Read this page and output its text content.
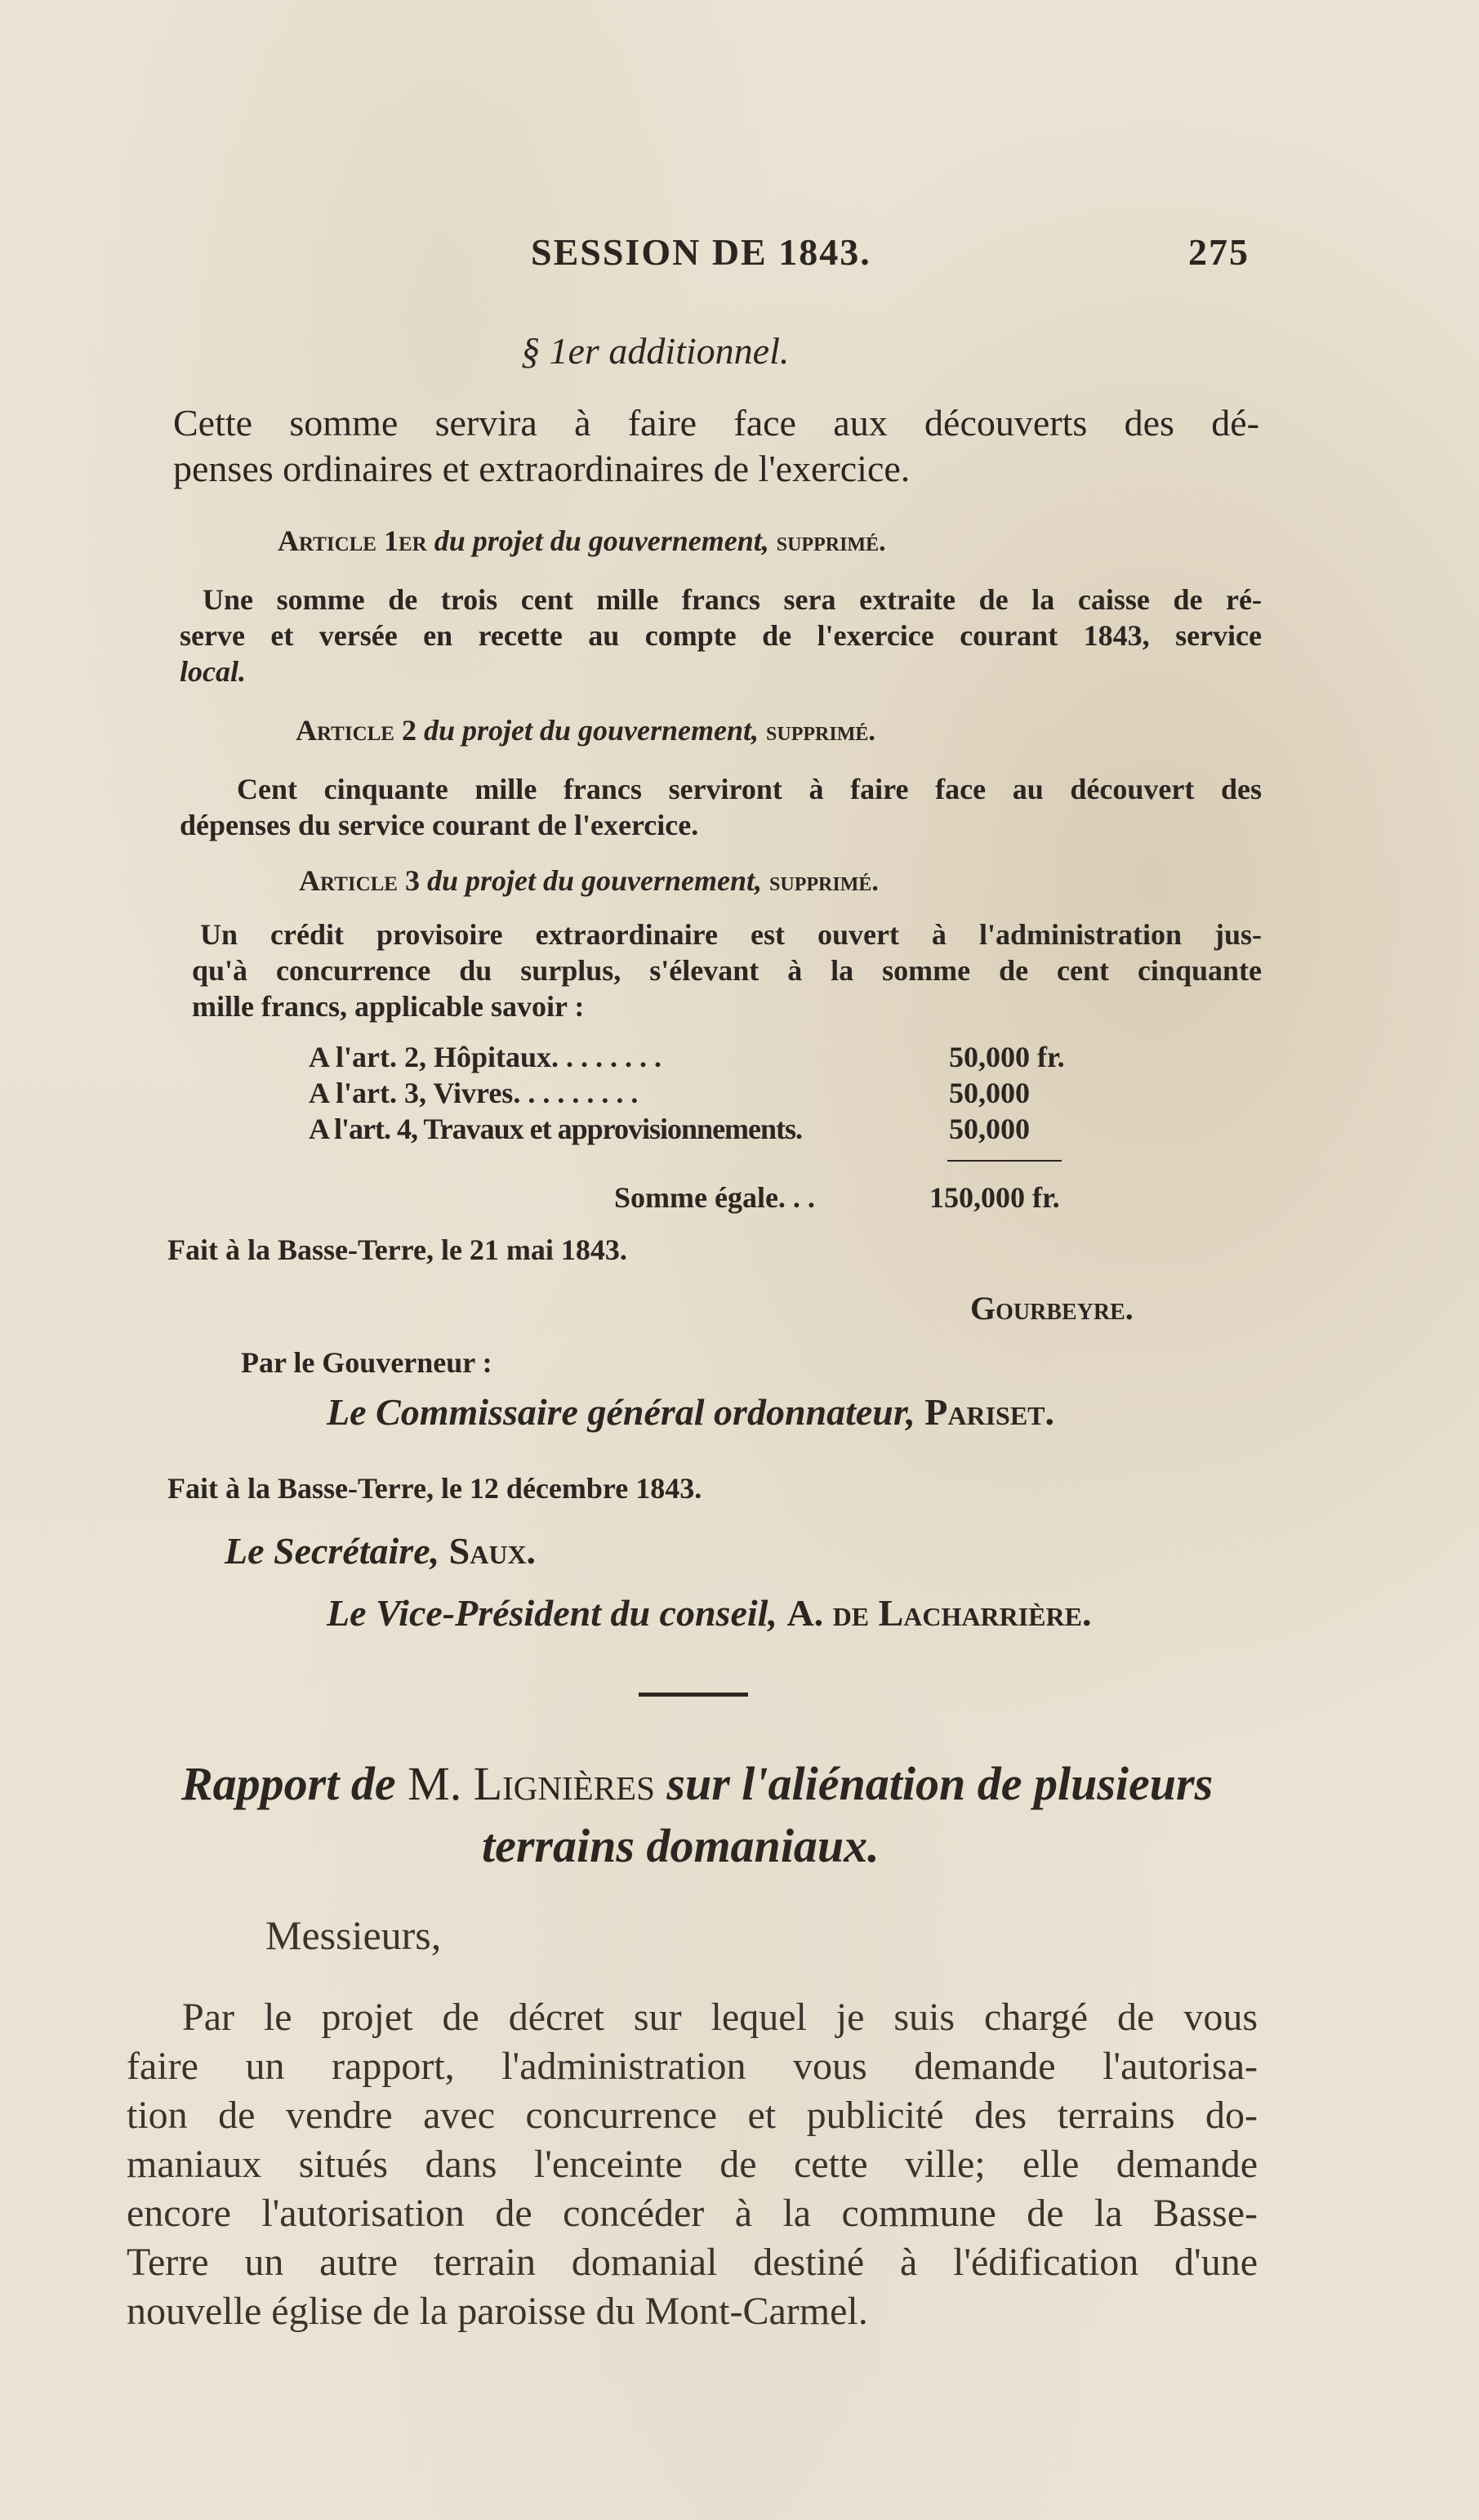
SESSION DE 1843.	275
§ 1er additionnel.
Cette somme servira à faire face aux découverts des dé-
penses ordinaires et extraordinaires de l'exercice.
Article 1er du projet du gouvernement, supprimé.
Une somme de trois cent mille francs sera extraite de la caisse de ré-
serve et versée en recette au compte de l'exercice courant 1843, service
local.
Article 2 du projet du gouvernement, supprimé.
Cent cinquante mille francs serviront à faire face au découvert des
dépenses du service courant de l'exercice.
Article 3 du projet du gouvernement, supprimé.
Un crédit provisoire extraordinaire est ouvert à l'administration jus-
qu'à concurrence du surplus, s'élevant à la somme de cent cinquante
mille francs, applicable savoir :
A l'art. 2, Hôpitaux. . . . . . . .	50,000 fr.
A l'art. 3, Vivres. . . . . . . . .	50,000
A l'art. 4, Travaux et approvisionnements.	50,000
Somme égale. . .	150,000 fr.
Fait à la Basse-Terre, le 21 mai 1843.
Gourbeyre.
Par le Gouverneur :
Le Commissaire général ordonnateur, Pariset.
Fait à la Basse-Terre, le 12 décembre 1843.
Le Secrétaire, Saux.
Le Vice-Président du conseil, A. de Lacharrière.
Rapport de M. Lignières sur l'aliénation de plusieurs
terrains domaniaux.
Messieurs,
Par le projet de décret sur lequel je suis chargé de vous
faire un rapport, l'administration vous demande l'autorisa-
tion de vendre avec concurrence et publicité des terrains do-
maniaux situés dans l'enceinte de cette ville; elle demande
encore l'autorisation de concéder à la commune de la Basse-
Terre un autre terrain domanial destiné à l'édification d'une
nouvelle église de la paroisse du Mont-Carmel.
